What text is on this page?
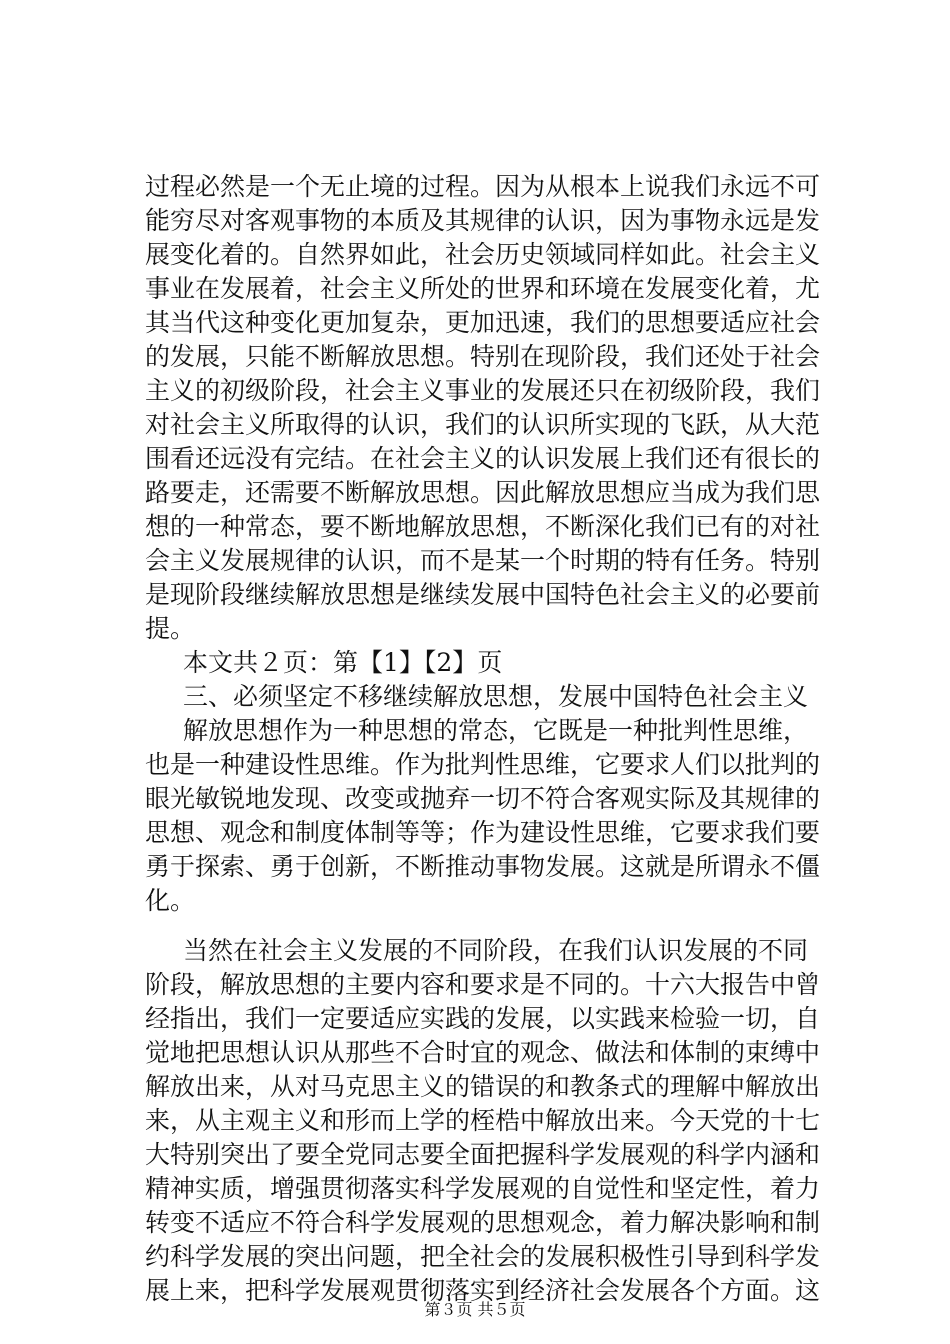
过程必然是一个无止境的过程。因为从根本上说我们永远不可
能穷尽对客观事物的本质及其规律的认识，因为事物永远是发
展变化着的。自然界如此，社会历史领域同样如此。社会主义
事业在发展着，社会主义所处的世界和环境在发展变化着，尤
其当代这种变化更加复杂，更加迅速，我们的思想要适应社会
的发展，只能不断解放思想。特别在现阶段，我们还处于社会
主义的初级阶段，社会主义事业的发展还只在初级阶段，我们
对社会主义所取得的认识，我们的认识所实现的飞跃，从大范
围看还远没有完结。在社会主义的认识发展上我们还有很长的
路要走，还需要不断解放思想。因此解放思想应当成为我们思
想的一种常态，要不断地解放思想，不断深化我们已有的对社
会主义发展规律的认识，而不是某一个时期的特有任务。特别
是现阶段继续解放思想是继续发展中国特色社会主义的必要前
提。
本文共２页：第【1】【2】页
三、必须坚定不移继续解放思想，发展中国特色社会主义
解放思想作为一种思想的常态，它既是一种批判性思维，
也是一种建设性思维。作为批判性思维，它要求人们以批判的
眼光敏锐地发现、改变或抛弃一切不符合客观实际及其规律的
思想、观念和制度体制等等；作为建设性思维，它要求我们要
勇于探索、勇于创新，不断推动事物发展。这就是所谓永不僵
化。
当然在社会主义发展的不同阶段，在我们认识发展的不同
阶段，解放思想的主要内容和要求是不同的。十六大报告中曾
经指出，我们一定要适应实践的发展，以实践来检验一切，自
觉地把思想认识从那些不合时宜的观念、做法和体制的束缚中
解放出来，从对马克思主义的错误的和教条式的理解中解放出
来，从主观主义和形而上学的桎梏中解放出来。今天党的十七
大特别突出了要全党同志要全面把握科学发展观的科学内涵和
精神实质，增强贯彻落实科学发展观的自觉性和坚定性，着力
转变不适应不符合科学发展观的思想观念，着力解决影响和制
约科学发展的突出问题，把全社会的发展积极性引导到科学发
展上来，把科学发展观贯彻落实到经济社会发展各个方面。这
第３页 共５页
